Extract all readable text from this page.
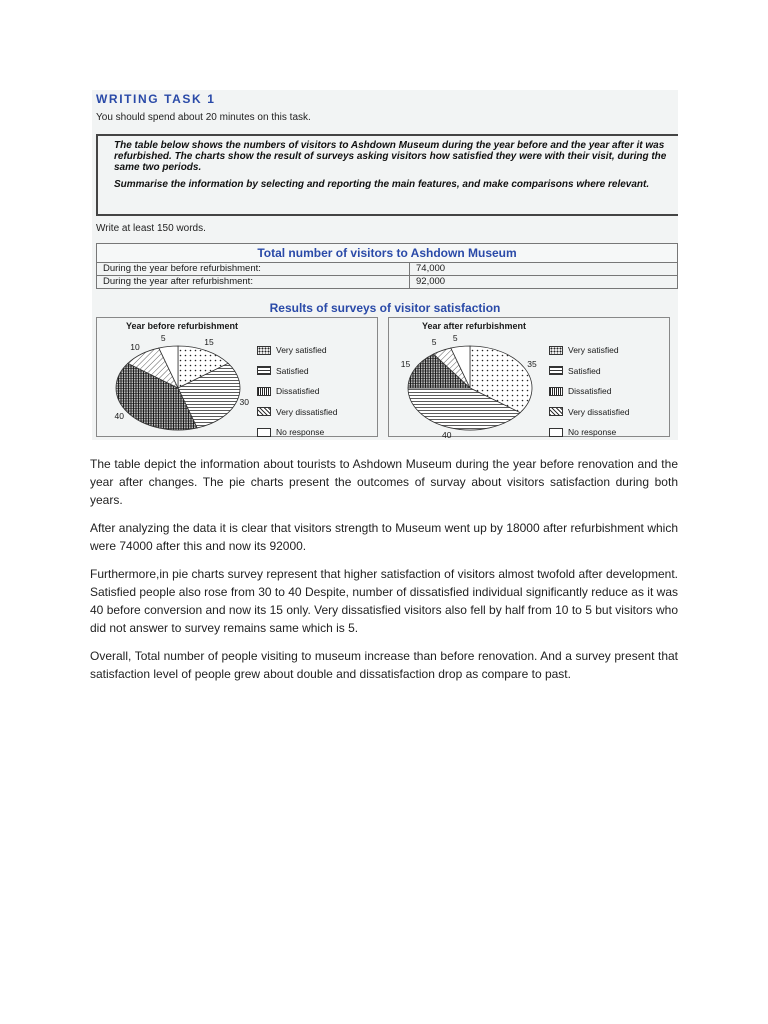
WRITING TASK 1
You should spend about 20 minutes on this task.

The table below shows the numbers of visitors to Ashdown Museum during the year before and the year after it was refurbished. The charts show the result of surveys asking visitors how satisfied they were with their visit, during the same two periods.

Summarise the information by selecting and reporting the main features, and make comparisons where relevant.

Write at least 150 words.
Total number of visitors to Ashdown Museum	
During the year before refurbishment:	74,000
During the year after refurbishment:	92,000
Results of surveys of visitor satisfaction
Year before refurbishment
Very satisfied
Satisfied
Dissatisfied
Very dissatisfied
No response
15
30
40
10
5
Year after refurbishment
Very satisfied
Satisfied
Dissatisfied
Very dissatisfied
No response
35
40
15
5 5

The table depict the information about tourists to Ashdown Museum during the year before renovation and the year after changes. The pie charts present the outcomes of survay about visitors satisfaction during both years.

After analyzing the data it is clear that visitors strength to Museum went up by 18000 after refurbishment which were 74000 after this and now its 92000.

Furthermore,in pie charts survey represent that higher satisfaction of visitors almost twofold after development. Satisfied people also rose from 30 to 40 Despite, number of dissatisfied individual significantly reduce as it was 40 before conversion and now its 15 only. Very dissatisfied visitors also fell by half from 10 to 5 but visitors who did not answer to survey remains same which is 5.

Overall, Total number of people visiting to museum increase than before renovation. And a survey present that satisfaction level of people grew about double and dissatisfaction drop as compare to past.
